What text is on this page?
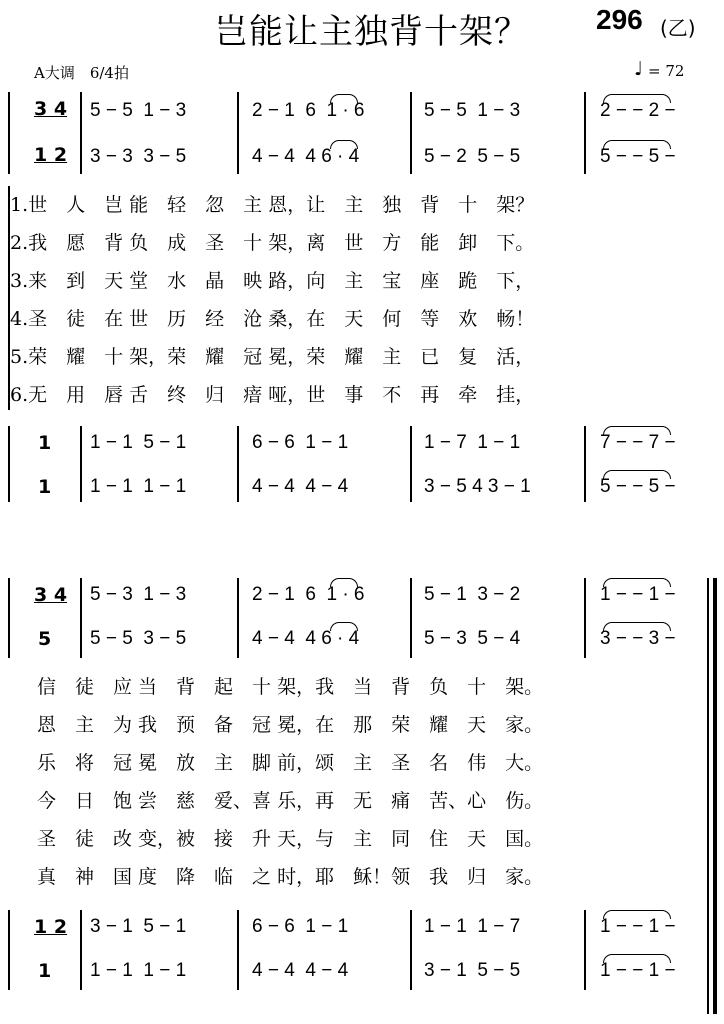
岂能让主独背十架？ 296 (乙)
A大调　6/4拍	♩ = 72
3 4
1 2
5 − 5  1 − 3	2 − 1  6  1 · 6	5 − 5  1 − 3	2 − − 2 −
3 − 3  3 − 5	4 − 4  4 6 · 4	5 − 2  5 − 5	5 − − 5 −
1.世　人　岂 能　轻　忽　主 恩，让　主　独　背　十　架？
2.我　愿　背 负　成　圣　十 架，离　世　方　能　卸　下。
3.来　到　天 堂　水　晶　映 路，向　主　宝　座　跪　下，
4.圣　徒　在 世　历　经　沧 桑，在　天　何　等　欢　畅！
5.荣　耀　十 架，荣　耀　冠 冕，荣　耀　主　已　复　活，
6.无　用　唇 舌　终　归　瘖 哑，世　事　不　再　牵　挂，
1
1
1 − 1  5 − 1	6 − 6  1 − 1	1 − 7  1 − 1	7 − − 7 −
1 − 1  1 − 1	4 − 4  4 − 4	3 − 5 4 3 − 1	5 − − 5 −
3 4
5
5 − 3  1 − 3	2 − 1  6  1 · 6	5 − 1  3 − 2	1 − − 1 −
5 − 5  3 − 5	4 − 4  4 6 · 4	5 − 3  5 − 4	3 − − 3 −
信　徒　应 当　背　起　十 架，我　当　背　负　十　架。
恩　主　为 我　预　备　冠 冕，在　那　荣　耀　天　家。
乐　将　冠 冕　放　主　脚 前，颂　主　圣　名　伟　大。
今　日　饱 尝　慈　爱、喜 乐，再　无　痛　苦、心　伤。
圣　徒　改 变，被　接　升 天，与　主　同　住　天　国。
真　神　国 度　降　临　之 时，耶　稣！领　我　归　家。
1 2
1
3 − 1  5 − 1	6 − 6  1 − 1	1 − 1  1 − 7	1 − − 1 −
1 − 1  1 − 1	4 − 4  4 − 4	3 − 1  5 − 5	1 − − 1 −
